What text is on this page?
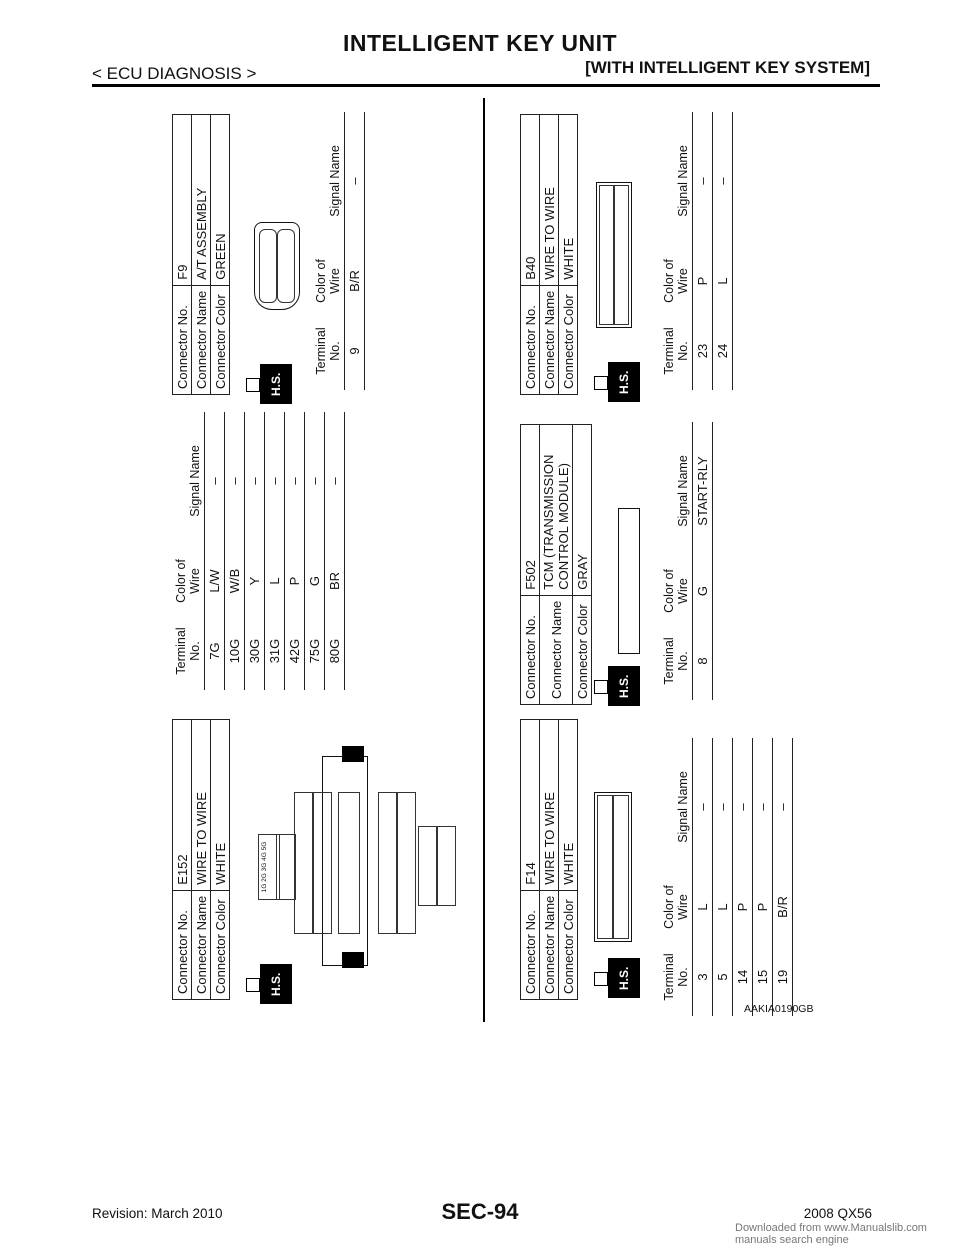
INTELLIGENT KEY UNIT
< ECU DIAGNOSIS >	[WITH INTELLIGENT KEY SYSTEM]
Connector No.	E152
Connector Name	WIRE TO WIRE
Connector Color	WHITE
H.S.
1G 2G 3G 4G 5G
Terminal No.	Color of Wire	Signal Name
7G	L/W	–
10G	W/B	–
30G	Y	–
31G	L	–
42G	P	–
75G	G	–
80G	BR	–
Connector No.	F9
Connector Name	A/T ASSEMBLY
Connector Color	GREEN
H.S.
Terminal No.	Color of Wire	Signal Name
9	B/R	–
Connector No.	F14
Connector Name	WIRE TO WIRE
Connector Color	WHITE
H.S.	Terminal No.	Color of Wire	Signal Name
3	L	–
5	L	–
14	P	–
15	P	–
19	B/R	–
Connector No.	F502
Connector Name	TCM (TRANSMISSION CONTROL MODULE)
Connector Color	GRAY
H.S.
Terminal No.	Color of Wire	Signal Name
8	G	START-RLY
Connector No.	B40
Connector Name	WIRE TO WIRE
Connector Color	WHITE
H.S.
Terminal No.	Color of Wire	Signal Name
23	P	–
24	L	–
AAKIA0190GB
Revision: March 2010	SEC-94	2008 QX56
Downloaded from www.Manualslib.com manuals search engine
